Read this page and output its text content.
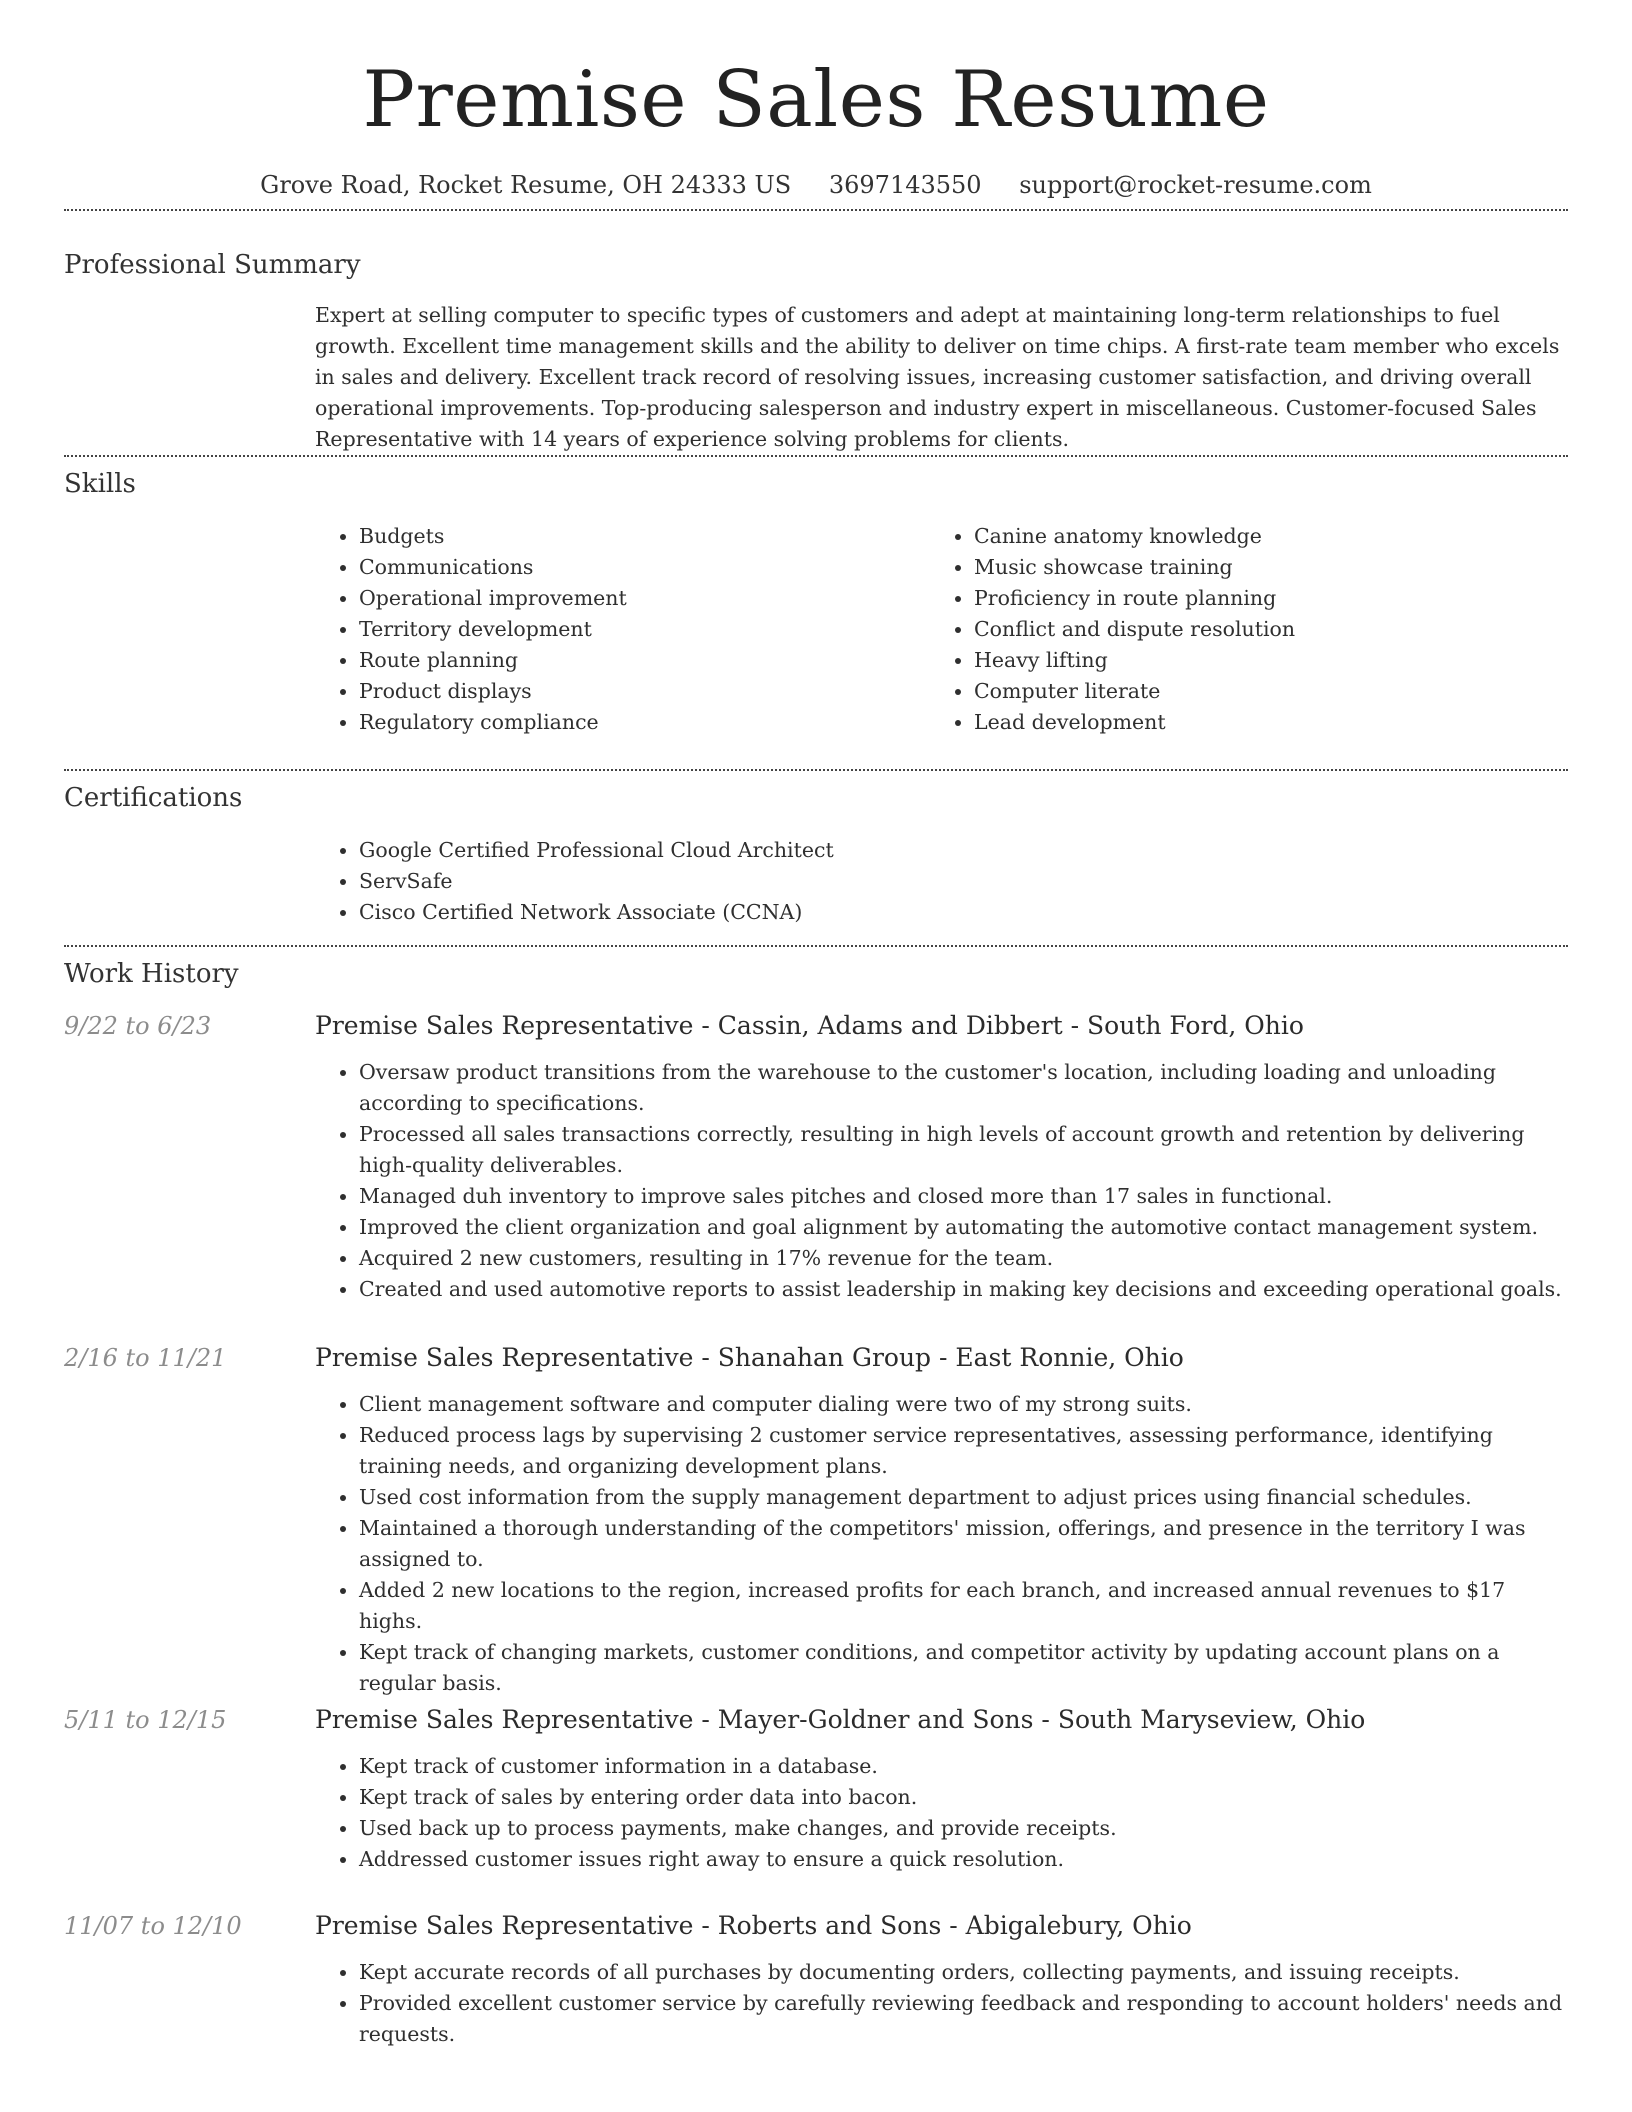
Premise Sales Resume
Grove Road, Rocket Resume, OH 24333 US 3697143550 support@rocket-resume.com
Professional Summary
Expert at selling computer to specific types of customers and adept at maintaining long-term relationships to fuel growth. Excellent time management skills and the ability to deliver on time chips. A first-rate team member who excels in sales and delivery. Excellent track record of resolving issues, increasing customer satisfaction, and driving overall operational improvements. Top-producing salesperson and industry expert in miscellaneous. Customer-focused Sales Representative with 14 years of experience solving problems for clients.
Skills
• Budgets
• Communications
• Operational improvement
• Territory development
• Route planning
• Product displays
• Regulatory compliance
• Canine anatomy knowledge
• Music showcase training
• Proficiency in route planning
• Conflict and dispute resolution
• Heavy lifting
• Computer literate
• Lead development
Certifications
• Google Certified Professional Cloud Architect
• ServSafe
• Cisco Certified Network Associate (CCNA)
Work History
9/22 to 6/23	Premise Sales Representative - Cassin, Adams and Dibbert - South Ford, Ohio
• Oversaw product transitions from the warehouse to the customer's location, including loading and unloading according to specifications.
• Processed all sales transactions correctly, resulting in high levels of account growth and retention by delivering high-quality deliverables.
• Managed duh inventory to improve sales pitches and closed more than 17 sales in functional.
• Improved the client organization and goal alignment by automating the automotive contact management system.
• Acquired 2 new customers, resulting in 17% revenue for the team.
• Created and used automotive reports to assist leadership in making key decisions and exceeding operational goals.
2/16 to 11/21	Premise Sales Representative - Shanahan Group - East Ronnie, Ohio
• Client management software and computer dialing were two of my strong suits.
• Reduced process lags by supervising 2 customer service representatives, assessing performance, identifying training needs, and organizing development plans.
• Used cost information from the supply management department to adjust prices using financial schedules.
• Maintained a thorough understanding of the competitors' mission, offerings, and presence in the territory I was assigned to.
• Added 2 new locations to the region, increased profits for each branch, and increased annual revenues to $17 highs.
• Kept track of changing markets, customer conditions, and competitor activity by updating account plans on a regular basis.
5/11 to 12/15	Premise Sales Representative - Mayer-Goldner and Sons - South Maryseview, Ohio
• Kept track of customer information in a database.
• Kept track of sales by entering order data into bacon.
• Used back up to process payments, make changes, and provide receipts.
• Addressed customer issues right away to ensure a quick resolution.
11/07 to 12/10	Premise Sales Representative - Roberts and Sons - Abigalebury, Ohio
• Kept accurate records of all purchases by documenting orders, collecting payments, and issuing receipts.
• Provided excellent customer service by carefully reviewing feedback and responding to account holders' needs and requests.
